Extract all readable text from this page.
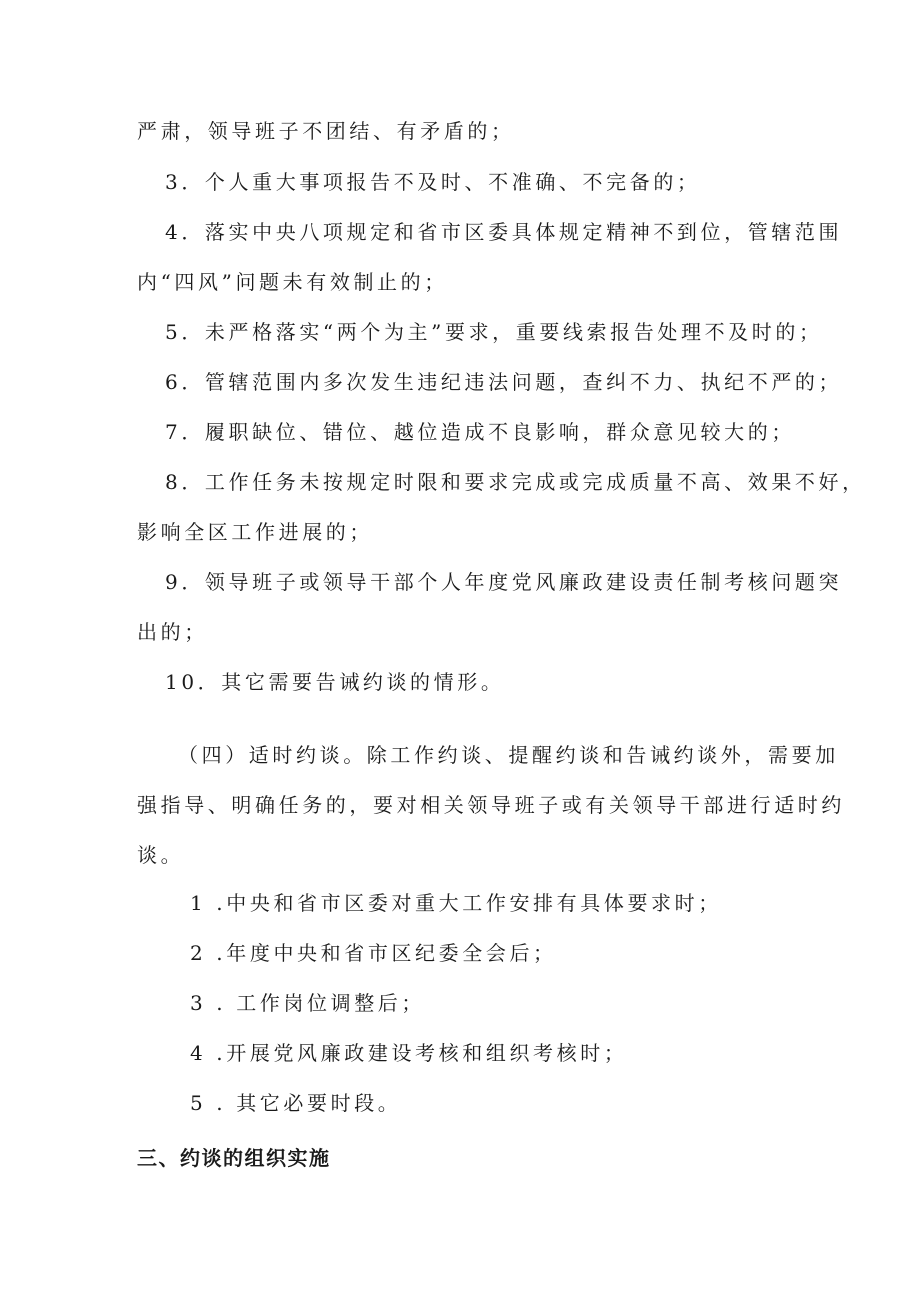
严肃，领导班子不团结、有矛盾的；
3．个人重大事项报告不及时、不准确、不完备的；
4．落实中央八项规定和省市区委具体规定精神不到位，管辖范围
内“四风”问题未有效制止的；
5．未严格落实“两个为主”要求，重要线索报告处理不及时的；
6．管辖范围内多次发生违纪违法问题，查纠不力、执纪不严的；
7．履职缺位、错位、越位造成不良影响，群众意见较大的；
8．工作任务未按规定时限和要求完成或完成质量不高、效果不好，
影响全区工作进展的；
9．领导班子或领导干部个人年度党风廉政建设责任制考核问题突
出的；
10．其它需要告诫约谈的情形。
（四）适时约谈。除工作约谈、提醒约谈和告诫约谈外，需要加
强指导、明确任务的，要对相关领导班子或有关领导干部进行适时约
谈。
1 .中央和省市区委对重大工作安排有具体要求时；
2 .年度中央和省市区纪委全会后；
3 . 工作岗位调整后；
4 .开展党风廉政建设考核和组织考核时；
5 . 其它必要时段。
三、约谈的组织实施
